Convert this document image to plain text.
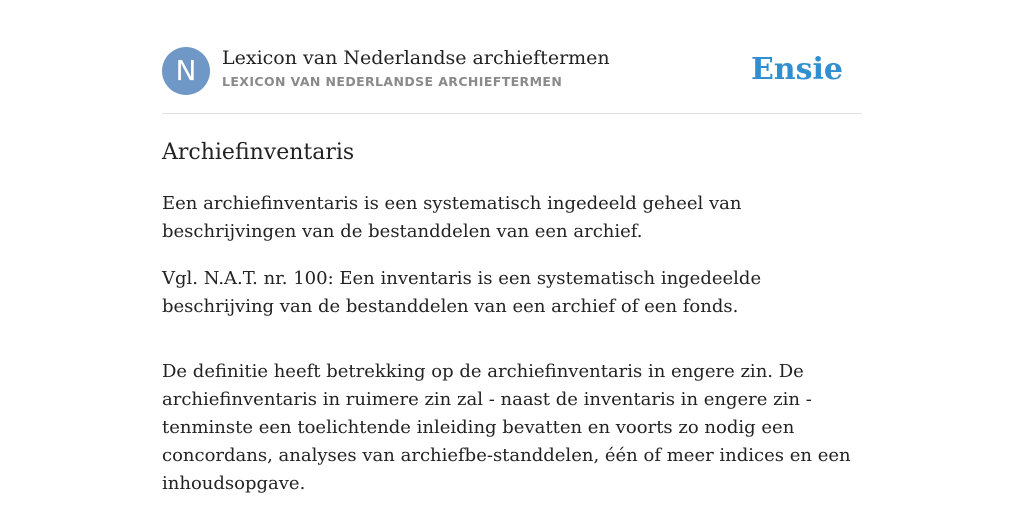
N	Lexicon van Nederlandse archieftermen
LEXICON VAN NEDERLANDSE ARCHIEFTERMEN	Ensie
Archiefinventaris

Een archiefinventaris is een systematisch ingedeeld geheel van beschrijvingen van de bestanddelen van een archief.

Vgl. N.A.T. nr. 100: Een inventaris is een systematisch ingedeelde beschrijving van de bestanddelen van een archief of een fonds.

De definitie heeft betrekking op de archiefinventaris in engere zin. De archiefinventaris in ruimere zin zal - naast de inventaris in engere zin - tenminste een toelichtende inleiding bevatten en voorts zo nodig een concordans, analyses van archiefbe-standdelen, één of meer indices en een inhoudsopgave.
